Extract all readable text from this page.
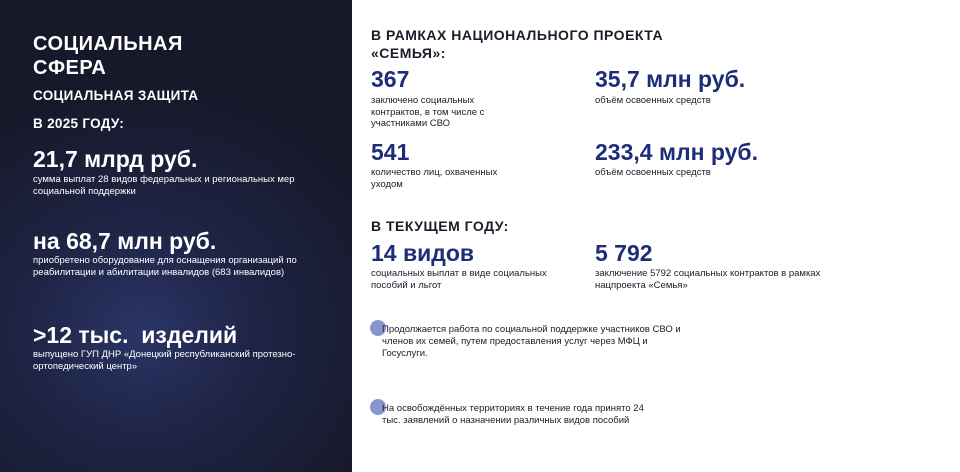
СОЦИАЛЬНАЯ
СФЕРА
СОЦИАЛЬНАЯ ЗАЩИТА
В 2025 ГОДУ:
21,7 млрд руб.
сумма выплат 28 видов федеральных и региональных мер социальной поддержки
на 68,7 млн руб.
приобретено оборудование для оснащения организаций по реабилитации и абилитации инвалидов (683 инвалидов)
>12 тыс.  изделий
выпущено ГУП ДНР «Донецкий республиканский протезно-ортопедический центр»
В РАМКАХ НАЦИОНАЛЬНОГО ПРОЕКТА
«СЕМЬЯ»:
367
заключено социальных контрактов, в том числе с участниками СВО
35,7 млн руб.
объём освоенных средств
541
количество лиц, охваченных уходом
233,4 млн руб.
объём освоенных средств
В ТЕКУЩЕМ ГОДУ:
14 видов
социальных выплат в виде социальных пособий и льгот
5 792
заключение 5792 социальных контрактов в рамках нацпроекта «Семья»
Продолжается работа по социальной поддержке участников СВО и членов их семей, путем предоставления услуг через МФЦ и Госуслуги.
На освобождённых территориях в течение года принято 24 тыс. заявлений о назначении различных видов пособий
